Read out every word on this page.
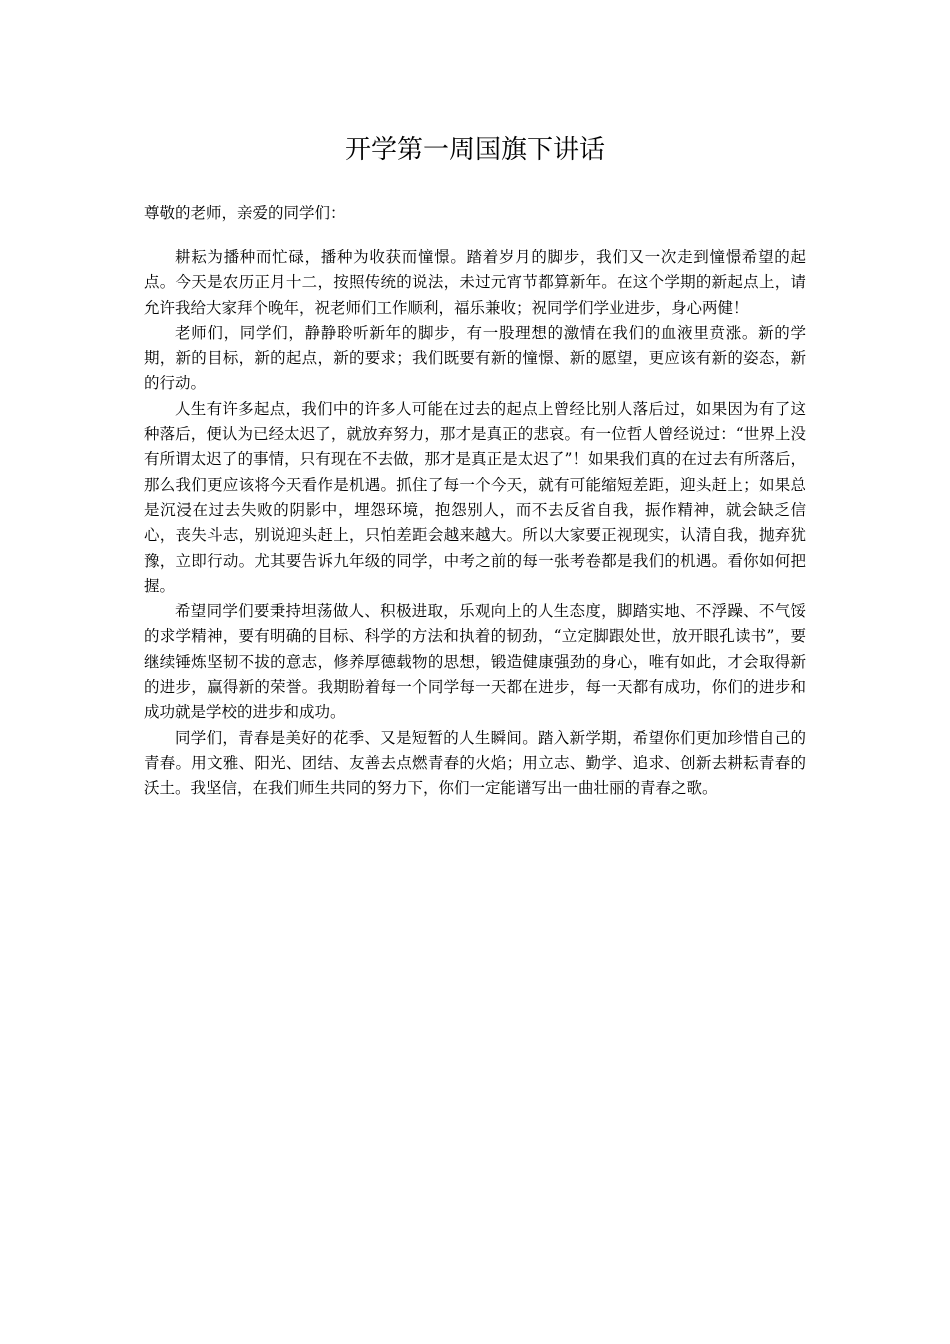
开学第一周国旗下讲话

尊敬的老师，亲爱的同学们：

耕耘为播种而忙碌，播种为收获而憧憬。踏着岁月的脚步，我们又一次走到憧憬希望的起点。今天是农历正月十二，按照传统的说法，未过元宵节都算新年。在这个学期的新起点上，请允许我给大家拜个晚年，祝老师们工作顺利，福乐兼收；祝同学们学业进步，身心两健！

老师们，同学们，静静聆听新年的脚步，有一股理想的激情在我们的血液里贲涨。新的学期，新的目标，新的起点，新的要求；我们既要有新的憧憬、新的愿望，更应该有新的姿态，新的行动。

人生有许多起点，我们中的许多人可能在过去的起点上曾经比别人落后过，如果因为有了这种落后，便认为已经太迟了，就放弃努力，那才是真正的悲哀。有一位哲人曾经说过：“世界上没有所谓太迟了的事情，只有现在不去做，那才是真正是太迟了”！如果我们真的在过去有所落后，那么我们更应该将今天看作是机遇。抓住了每一个今天，就有可能缩短差距，迎头赶上；如果总是沉浸在过去失败的阴影中，埋怨环境，抱怨别人，而不去反省自我，振作精神，就会缺乏信心，丧失斗志，别说迎头赶上，只怕差距会越来越大。所以大家要正视现实，认清自我，抛弃犹豫，立即行动。尤其要告诉九年级的同学，中考之前的每一张考卷都是我们的机遇。看你如何把握。

希望同学们要秉持坦荡做人、积极进取，乐观向上的人生态度，脚踏实地、不浮躁、不气馁的求学精神，要有明确的目标、科学的方法和执着的韧劲，“立定脚跟处世，放开眼孔读书”，要继续锤炼坚韧不拔的意志，修养厚德载物的思想，锻造健康强劲的身心，唯有如此，才会取得新的进步，赢得新的荣誉。我期盼着每一个同学每一天都在进步，每一天都有成功，你们的进步和成功就是学校的进步和成功。

同学们，青春是美好的花季、又是短暂的人生瞬间。踏入新学期，希望你们更加珍惜自己的青春。用文雅、阳光、团结、友善去点燃青春的火焰；用立志、勤学、追求、创新去耕耘青春的沃土。我坚信，在我们师生共同的努力下，你们一定能谱写出一曲壮丽的青春之歌。
